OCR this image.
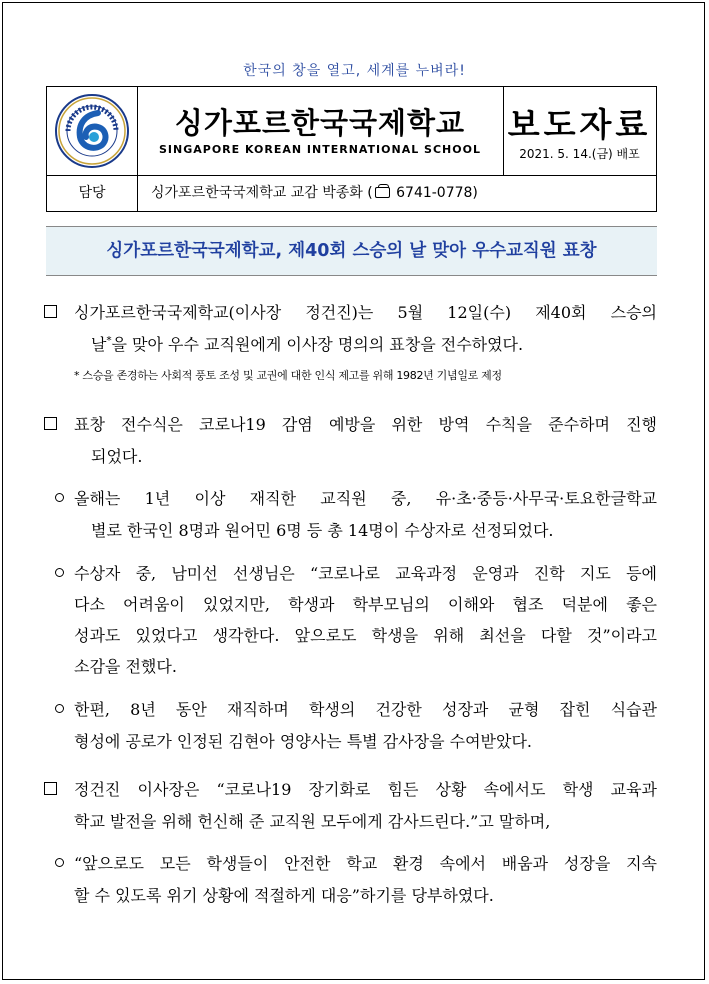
한국의 창을 열고, 세계를 누벼라!
싱가포르한국국제학교
SINGAPORE KOREAN INTERNATIONAL SCHOOL
보도자료
2021. 5. 14.(금) 배포
담당	싱가포르한국국제학교 교감 박종화 ( 6741-0778)
싱가포르한국국제학교, 제40회 스승의 날 맞아 우수교직원 표창
싱가포르한국국제학교(이사장 정건진)는 5월 12일(수) 제40회 스승의
날*을 맞아 우수 교직원에게 이사장 명의의 표창을 전수하였다.
* 스승을 존경하는 사회적 풍토 조성 및 교권에 대한 인식 제고를 위해 1982년 기념일로 제정
표창 전수식은 코로나19 감염 예방을 위한 방역 수칙을 준수하며 진행
되었다.
올해는 1년 이상 재직한 교직원 중, 유·초·중등·사무국·토요한글학교
별로 한국인 8명과 원어민 6명 등 총 14명이 수상자로 선정되었다.
수상자 중, 남미선 선생님은 “코로나로 교육과정 운영과 진학 지도 등에
다소 어려움이 있었지만, 학생과 학부모님의 이해와 협조 덕분에 좋은
성과도 있었다고 생각한다. 앞으로도 학생을 위해 최선을 다할 것”이라고
소감을 전했다.
한편, 8년 동안 재직하며 학생의 건강한 성장과 균형 잡힌 식습관
형성에 공로가 인정된 김현아 영양사는 특별 감사장을 수여받았다.
정건진 이사장은 “코로나19 장기화로 힘든 상황 속에서도 학생 교육과
학교 발전을 위해 헌신해 준 교직원 모두에게 감사드린다.”고 말하며,
“앞으로도 모든 학생들이 안전한 학교 환경 속에서 배움과 성장을 지속
할 수 있도록 위기 상황에 적절하게 대응”하기를 당부하였다.
